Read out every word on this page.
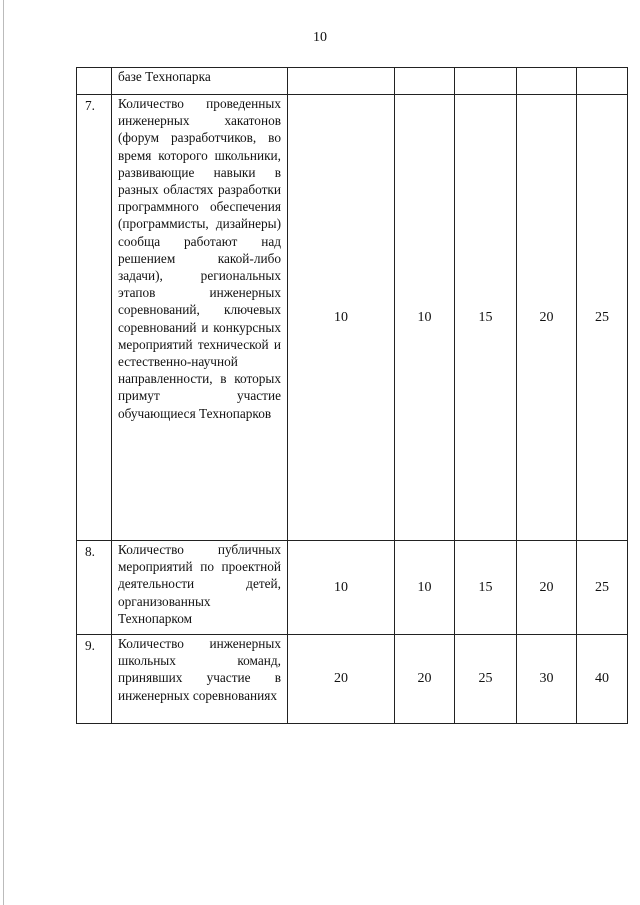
10
	базе Технопарка					
7.	Количество проведенных инженерных хакатонов (форум разработчиков, во время которого школьники, развивающие навыки в разных областях разработки программного обеспечения (программисты, дизайнеры) сообща работают над решением какой-либо задачи), региональных этапов инженерных соревнований, ключевых соревнований и конкурсных мероприятий технической и естественно-научной направленности, в которых примут участие обучающиеся Технопарков	10	10	15	20	25
8.	Количество публичных мероприятий по проектной деятельности детей, организованных Технопарком	10	10	15	20	25
9.	Количество инженерных школьных команд, принявших участие в инженерных соревнованиях	20	20	25	30	40
